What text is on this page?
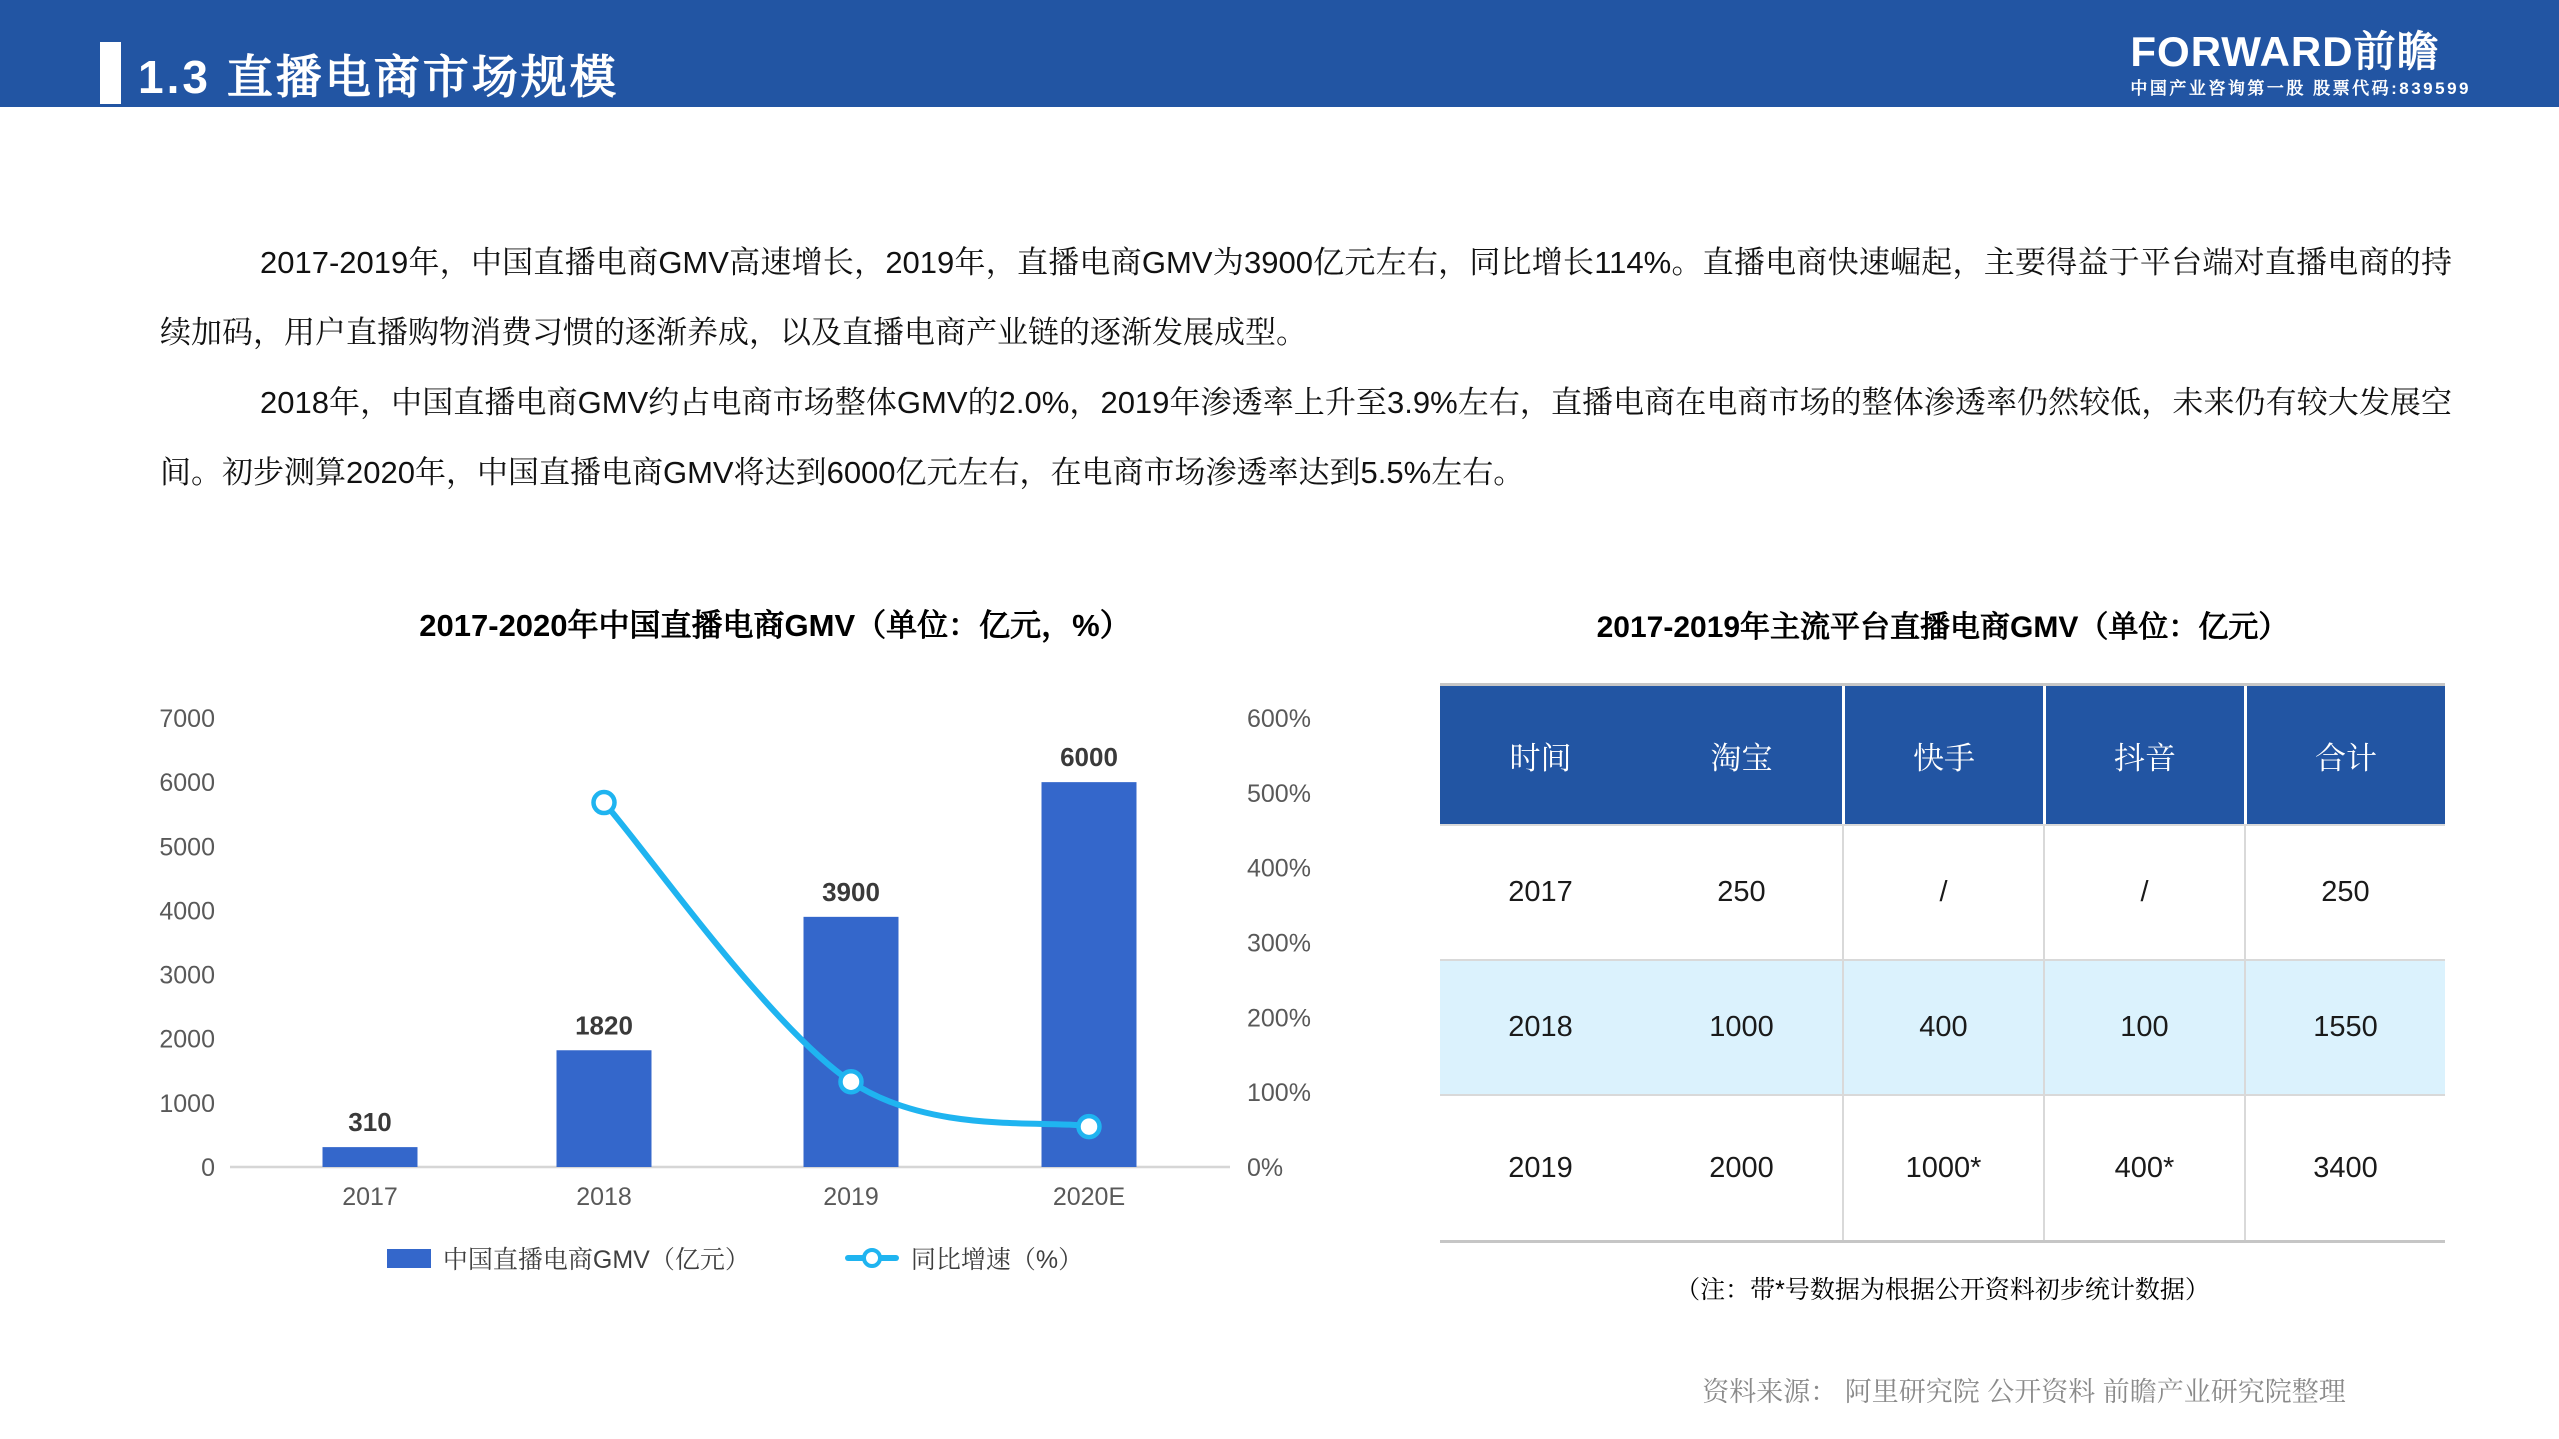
1.3 直播电商市场规模	FORWARD前瞻
中国产业咨询第一股 股票代码:839599

2017-2019年，中国直播电商GMV高速增长，2019年，直播电商GMV为3900亿元左右，同比增长114%。直播电商快速崛起，主要得益于平台端对直播电商的持续加码，用户直播购物消费习惯的逐渐养成，以及直播电商产业链的逐渐发展成型。

2018年，中国直播电商GMV约占电商市场整体GMV的2.0%，2019年渗透率上升至3.9%左右，直播电商在电商市场的整体渗透率仍然较低，未来仍有较大发展空间。初步测算2020年，中国直播电商GMV将达到6000亿元左右，在电商市场渗透率达到5.5%左右。

2017-2020年中国直播电商GMV（单位：亿元，%）
7000
6000
5000
4000
3000
2000
1000
0
600%
500%
400%
300%
200%
100%
0%
310
2017
1820
2018
3900
2019
6000
2020E
中国直播电商GMV（亿元）	同比增速（%）
2017-2019年主流平台直播电商GMV（单位：亿元）
时间	淘宝	快手	抖音	合计
2017	250	/	/	250
2018	1000	400	100	1550
2019	2000	1000*	400*	3400
（注：带*号数据为根据公开资料初步统计数据）
资料来源： 阿里研究院 公开资料 前瞻产业研究院整理
